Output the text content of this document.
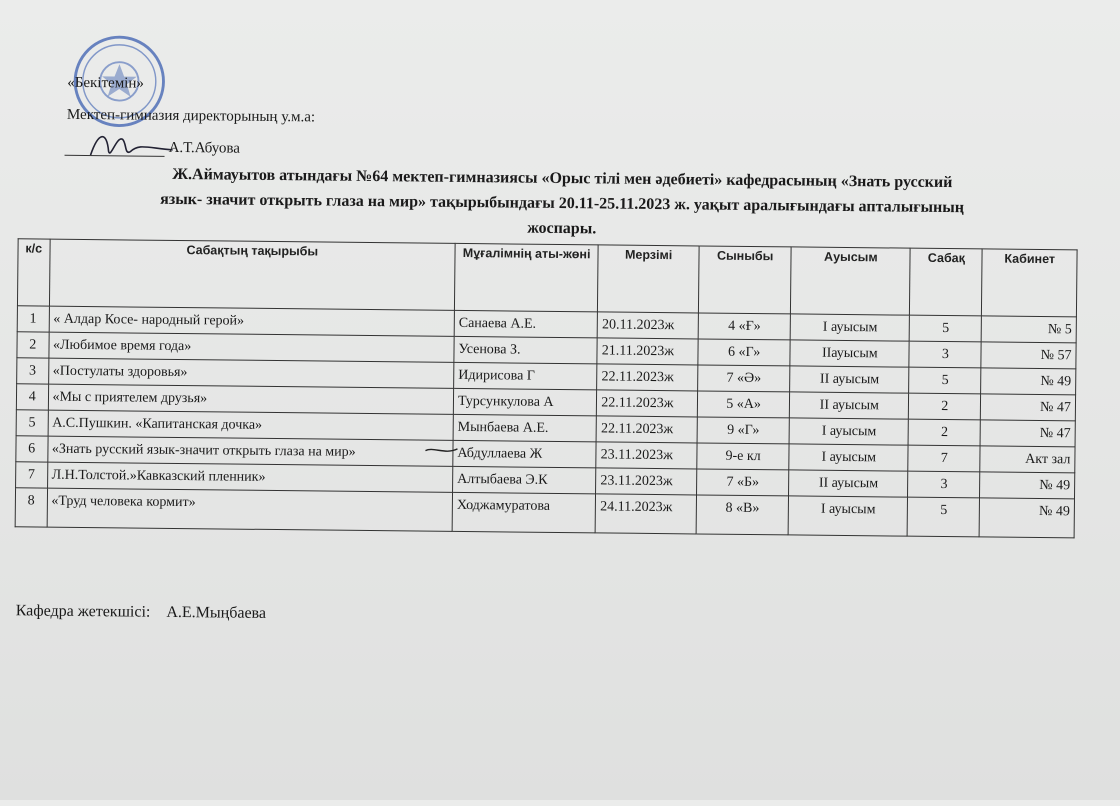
«Бекітемін»
Мектеп-гимназия директорының у.м.а:
А.Т.Абуова
Ж.Аймауытов атындағы №64 мектеп-гимназиясы «Орыс тілі мен әдебиеті» кафедрасының «Знать русский
язык- значит открыть глаза на мир» тақырыбындағы 20.11-25.11.2023 ж. уақыт аралығындағы апталығының
жоспары.
к/с	Сабақтың тақырыбы	Мұғалімнің аты-жөні	Мерзімі	Сыныбы	Ауысым	Сабақ	Кабинет
1	« Алдар Косе- народный герой»	Санаева А.Е.	20.11.2023ж	4 «Ғ»	I ауысым	5	№ 5
2	«Любимое время года»	Усенова З.	21.11.2023ж	6 «Г»	IIауысым	3	№ 57
3	«Постулаты здоровья»	Идирисова Г	22.11.2023ж	7 «Ә»	II ауысым	5	№ 49
4	«Мы с приятелем друзья»	Турсункулова А	22.11.2023ж	5 «А»	II ауысым	2	№ 47
5	А.С.Пушкин. «Капитанская дочка»	Мынбаева А.Е.	22.11.2023ж	9 «Г»	I ауысым	2	№ 47
6	«Знать русский язык-значит открыть глаза на мир»	Абдуллаева Ж	23.11.2023ж	9-е кл	I ауысым	7	Акт зал
7	Л.Н.Толстой.»Кавказский пленник»	Алтыбаева Э.К	23.11.2023ж	7 «Б»	II ауысым	3	№ 49
8	«Труд человека кормит»	Ходжамуратова	24.11.2023ж	8 «В»	I ауысым	5	№ 49
Кафедра жетекшісі: А.Е.Мыңбаева
